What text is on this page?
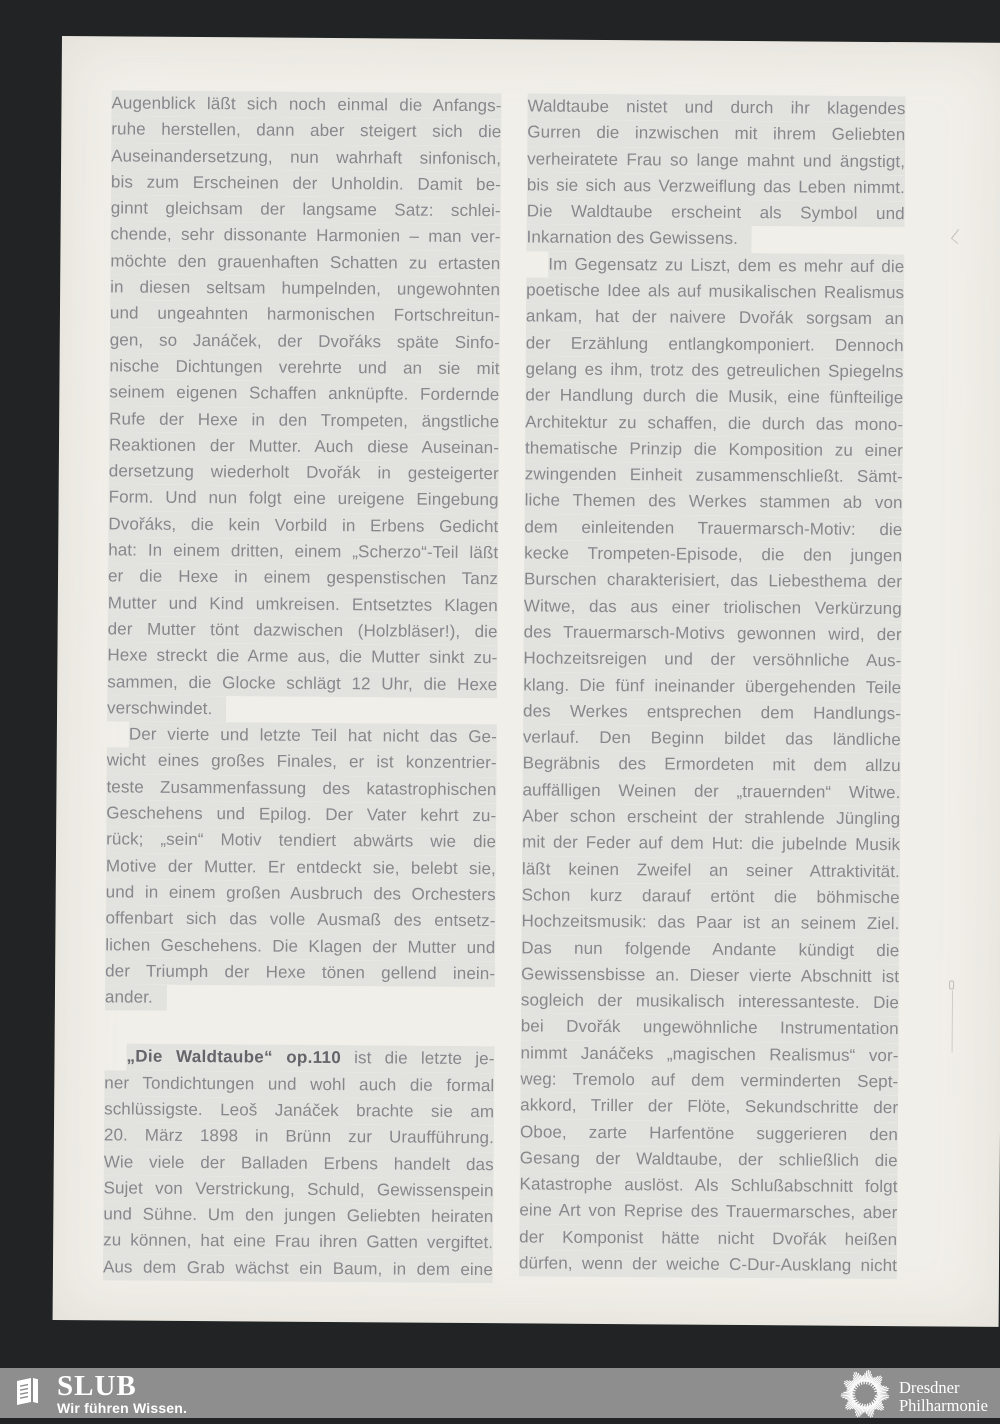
Augenblick läßt sich noch einmal die Anfangs-
ruhe herstellen, dann aber steigert sich die
Auseinandersetzung, nun wahrhaft sinfonisch,
bis zum Erscheinen der Unholdin. Damit be-
ginnt gleichsam der langsame Satz: schlei-
chende, sehr dissonante Harmonien – man ver-
möchte den grauenhaften Schatten zu ertasten
in diesen seltsam humpelnden, ungewohnten
und ungeahnten harmonischen Fortschreitun-
gen, so Janáček, der Dvořáks späte Sinfo-
nische Dichtungen verehrte und an sie mit
seinem eigenen Schaffen anknüpfte. Fordernde
Rufe der Hexe in den Trompeten, ängstliche
Reaktionen der Mutter. Auch diese Auseinan-
dersetzung wiederholt Dvořák in gesteigerter
Form. Und nun folgt eine ureigene Eingebung
Dvořáks, die kein Vorbild in Erbens Gedicht
hat: In einem dritten, einem „Scherzo“-Teil läßt
er die Hexe in einem gespenstischen Tanz
Mutter und Kind umkreisen. Entsetztes Klagen
der Mutter tönt dazwischen (Holzbläser!), die
Hexe streckt die Arme aus, die Mutter sinkt zu-
sammen, die Glocke schlägt 12 Uhr, die Hexe
verschwindet.
Der vierte und letzte Teil hat nicht das Ge-
wicht eines großes Finales, er ist konzentrier-
teste Zusammenfassung des katastrophischen
Geschehens und Epilog. Der Vater kehrt zu-
rück; „sein“ Motiv tendiert abwärts wie die
Motive der Mutter. Er entdeckt sie, belebt sie,
und in einem großen Ausbruch des Orchesters
offenbart sich das volle Ausmaß des entsetz-
lichen Geschehens. Die Klagen der Mutter und
der Triumph der Hexe tönen gellend inein-
ander.
„Die Waldtaube“ op.110 ist die letzte je-
ner Tondichtungen und wohl auch die formal
schlüssigste. Leoš Janáček brachte sie am
20. März 1898 in Brünn zur Uraufführung.
Wie viele der Balladen Erbens handelt das
Sujet von Verstrickung, Schuld, Gewissenspein
und Sühne. Um den jungen Geliebten heiraten
zu können, hat eine Frau ihren Gatten vergiftet.
Aus dem Grab wächst ein Baum, in dem eine
Waldtaube nistet und durch ihr klagendes
Gurren die inzwischen mit ihrem Geliebten
verheiratete Frau so lange mahnt und ängstigt,
bis sie sich aus Verzweiflung das Leben nimmt.
Die Waldtaube erscheint als Symbol und
Inkarnation des Gewissens.
Im Gegensatz zu Liszt, dem es mehr auf die
poetische Idee als auf musikalischen Realismus
ankam, hat der naivere Dvořák sorgsam an
der Erzählung entlangkomponiert. Dennoch
gelang es ihm, trotz des getreulichen Spiegelns
der Handlung durch die Musik, eine fünfteilige
Architektur zu schaffen, die durch das mono-
thematische Prinzip die Komposition zu einer
zwingenden Einheit zusammenschließt. Sämt-
liche Themen des Werkes stammen ab von
dem einleitenden Trauermarsch-Motiv: die
kecke Trompeten-Episode, die den jungen
Burschen charakterisiert, das Liebesthema der
Witwe, das aus einer triolischen Verkürzung
des Trauermarsch-Motivs gewonnen wird, der
Hochzeitsreigen und der versöhnliche Aus-
klang. Die fünf ineinander übergehenden Teile
des Werkes entsprechen dem Handlungs-
verlauf. Den Beginn bildet das ländliche
Begräbnis des Ermordeten mit dem allzu
auffälligen Weinen der „trauernden“ Witwe.
Aber schon erscheint der strahlende Jüngling
mit der Feder auf dem Hut: die jubelnde Musik
läßt keinen Zweifel an seiner Attraktivität.
Schon kurz darauf ertönt die böhmische
Hochzeitsmusik: das Paar ist an seinem Ziel.
Das nun folgende Andante kündigt die
Gewissensbisse an. Dieser vierte Abschnitt ist
sogleich der musikalisch interessanteste. Die
bei Dvořák ungewöhnliche Instrumentation
nimmt Janáčeks „magischen Realismus“ vor-
weg: Tremolo auf dem verminderten Sept-
akkord, Triller der Flöte, Sekundschritte der
Oboe, zarte Harfentöne suggerieren den
Gesang der Waldtaube, der schließlich die
Katastrophe auslöst. Als Schlußabschnitt folgt
eine Art von Reprise des Trauermarsches, aber
der Komponist hätte nicht Dvořák heißen
dürfen, wenn der weiche C-Dur-Ausklang nicht
SLUB
Wir führen Wissen.
Dresdner
Philharmonie
